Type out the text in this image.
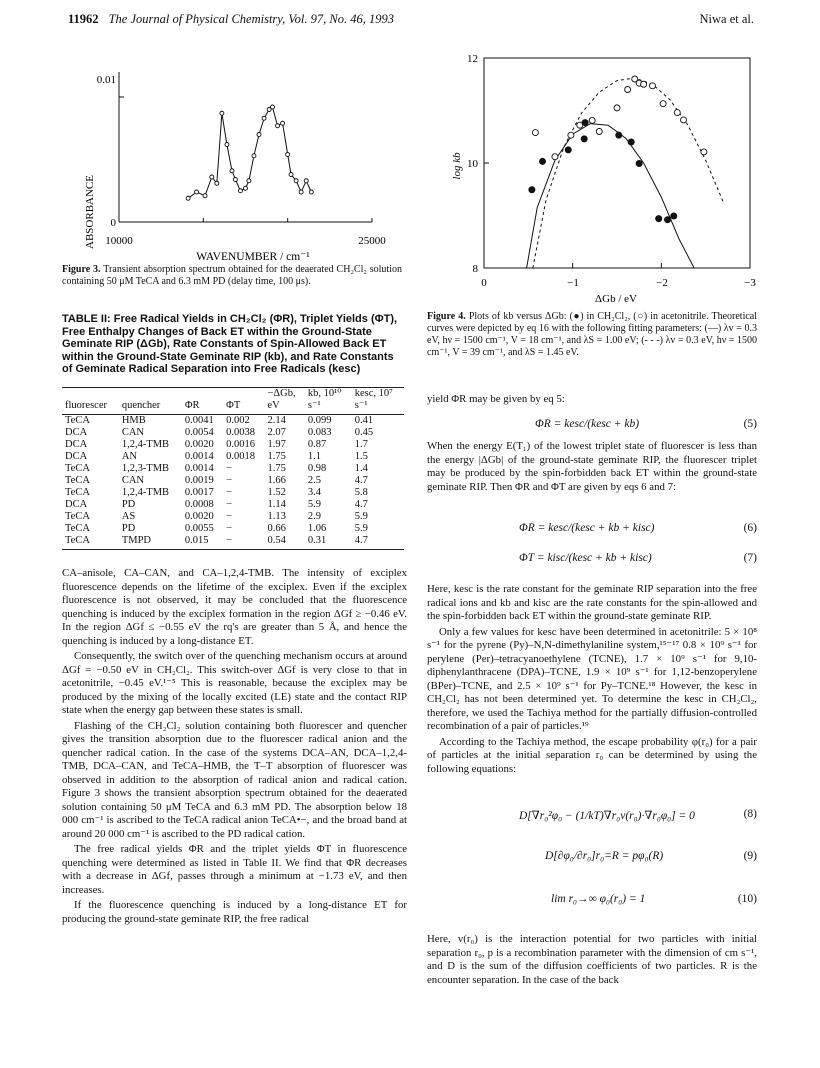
11962 The Journal of Physical Chemistry, Vol. 97, No. 46, 1993	Niwa et al.
ABSORBANCE
0.01
0
10000	25000
WAVENUMBER / cm⁻¹
Figure 3. Transient absorption spectrum obtained for the deaerated CH₂Cl₂ solution containing 50 μM TeCA and 6.3 mM PD (delay time, 100 μs).
TABLE II: Free Radical Yields in CH₂Cl₂ (ΦR), Triplet Yields (ΦT), Free Enthalpy Changes of Back ET within the Ground-State Geminate RIP (ΔGb), Rate Constants of Spin-Allowed Back ET within the Ground-State Geminate RIP (kb), and Rate Constants of Geminate Radical Separation into Free Radicals (kesc)
				−ΔGb,	kb, 10¹⁰	kesc, 10⁷
fluorescer	quencher	ΦR	ΦT	eV	s⁻¹	s⁻¹
TeCA	HMB	0.0041	0.002	2.14	0.099	0.41
DCA	CAN	0.0054	0.0038	2.07	0.083	0.45
DCA	1,2,4-TMB	0.0020	0.0016	1.97	0.87	1.7
DCA	AN	0.0014	0.0018	1.75	1.1	1.5
TeCA	1,2,3-TMB	0.0014	−	1.75	0.98	1.4
TeCA	CAN	0.0019	−	1.66	2.5	4.7
TeCA	1,2,4-TMB	0.0017	−	1.52	3.4	5.8
DCA	PD	0.0008	−	1.14	5.9	4.7
TeCA	AS	0.0020	−	1.13	2.9	5.9
TeCA	PD	0.0055	−	0.66	1.06	5.9
TeCA	TMPD	0.015	−	0.54	0.31	4.7

CA–anisole, CA–CAN, and CA–1,2,4-TMB. The intensity of exciplex fluorescence depends on the lifetime of the exciplex. Even if the exciplex fluorescence is not observed, it may be concluded that the fluorescence quenching is induced by the exciplex formation in the region ΔGf ≥ −0.46 eV. In the region ΔGf ≤ −0.55 eV the rq's are greater than 5 Å, and hence the quenching is induced by a long-distance ET.

Consequently, the switch over of the quenching mechanism occurs at around ΔGf = −0.50 eV in CH₂Cl₂. This switch-over ΔGf is very close to that in acetonitrile, −0.45 eV.¹⁻⁵ This is reasonable, because the exciplex may be produced by the mixing of the locally excited (LE) state and the contact RIP state when the energy gap between these states is small.

Flashing of the CH₂Cl₂ solution containing both fluorescer and quencher gives the transition absorption due to the fluorescer radical anion and the quencher radical cation. In the case of the systems DCA–AN, DCA–1,2,4-TMB, DCA–CAN, and TeCA–HMB, the T–T absorption of fluorescer was observed in addition to the absorption of radical anion and radical cation. Figure 3 shows the transient absorption spectrum obtained for the deaerated solution containing 50 μM TeCA and 6.3 mM PD. The absorption below 18 000 cm⁻¹ is ascribed to the TeCA radical anion TeCA•−, and the broad band at around 20 000 cm⁻¹ is ascribed to the PD radical cation.

The free radical yields ΦR and the triplet yields ΦT in fluorescence quenching were determined as listed in Table II. We find that ΦR decreases with a decrease in ΔGf, passes through a minimum at −1.73 eV, and then increases.

If the fluorescence quenching is induced by a long-distance ET for producing the ground-state geminate RIP, the free radical

log kb
12
10
8
0	−1	−2	−3
ΔGb / eV
Figure 4. Plots of kb versus ΔGb: (●) in CH₂Cl₂, (○) in acetonitrile. Theoretical curves were depicted by eq 16 with the following fitting parameters: (—) λv = 0.3 eV, hν = 1500 cm⁻¹, V = 18 cm⁻¹, and λS = 1.00 eV; (- - -) λv = 0.3 eV, hν = 1500 cm⁻¹, V = 39 cm⁻¹, and λS = 1.45 eV.

yield ΦR may be given by eq 5:

ΦR = kesc/(kesc + kb)	(5)

When the energy E(T₁) of the lowest triplet state of fluorescer is less than the energy |ΔGb| of the ground-state geminate RIP, the fluorescer triplet may be produced by the spin-forbidden back ET within the ground-state geminate RIP. Then ΦR and ΦT are given by eqs 6 and 7:

ΦR = kesc/(kesc + kb + kisc)	(6)
ΦT = kisc/(kesc + kb + kisc)	(7)

Here, kesc is the rate constant for the geminate RIP separation into the free radical ions and kb and kisc are the rate constants for the spin-allowed and the spin-forbidden back ET within the ground-state geminate RIP.

Only a few values for kesc have been determined in acetonitrile: 5 × 10⁸ s⁻¹ for the pyrene (Py)–N,N-dimethylaniline system,¹⁵⁻¹⁷ 0.8 × 10⁹ s⁻¹ for perylene (Per)–tetracyanoethylene (TCNE), 1.7 × 10⁹ s⁻¹ for 9,10-diphenylanthracene (DPA)–TCNE, 1.9 × 10⁹ s⁻¹ for 1,12-benzoperylene (BPer)–TCNE, and 2.5 × 10⁹ s⁻¹ for Py–TCNE.¹⁸ However, the kesc in CH₂Cl₂ has not been determined yet. To determine the kesc in CH₂Cl₂, therefore, we used the Tachiya method for the partially diffusion-controlled recombination of a pair of particles.¹⁹

According to the Tachiya method, the escape probability φ(r₀) for a pair of particles at the initial separation r₀ can be determined by using the following equations:

D[∇r₀²φ₀ − (1/kT)∇r₀v(r₀)·∇r₀φ₀] = 0	(8)
D[∂φ₀/∂r₀]r₀=R = pφ₀(R)	(9)
lim r₀→∞ φ₀(r₀) = 1	(10)

Here, v(r₀) is the interaction potential for two particles with initial separation r₀, p is a recombination parameter with the dimension of cm s⁻¹, and D is the sum of the diffusion coefficients of two particles. R is the encounter separation. In the case of the back
